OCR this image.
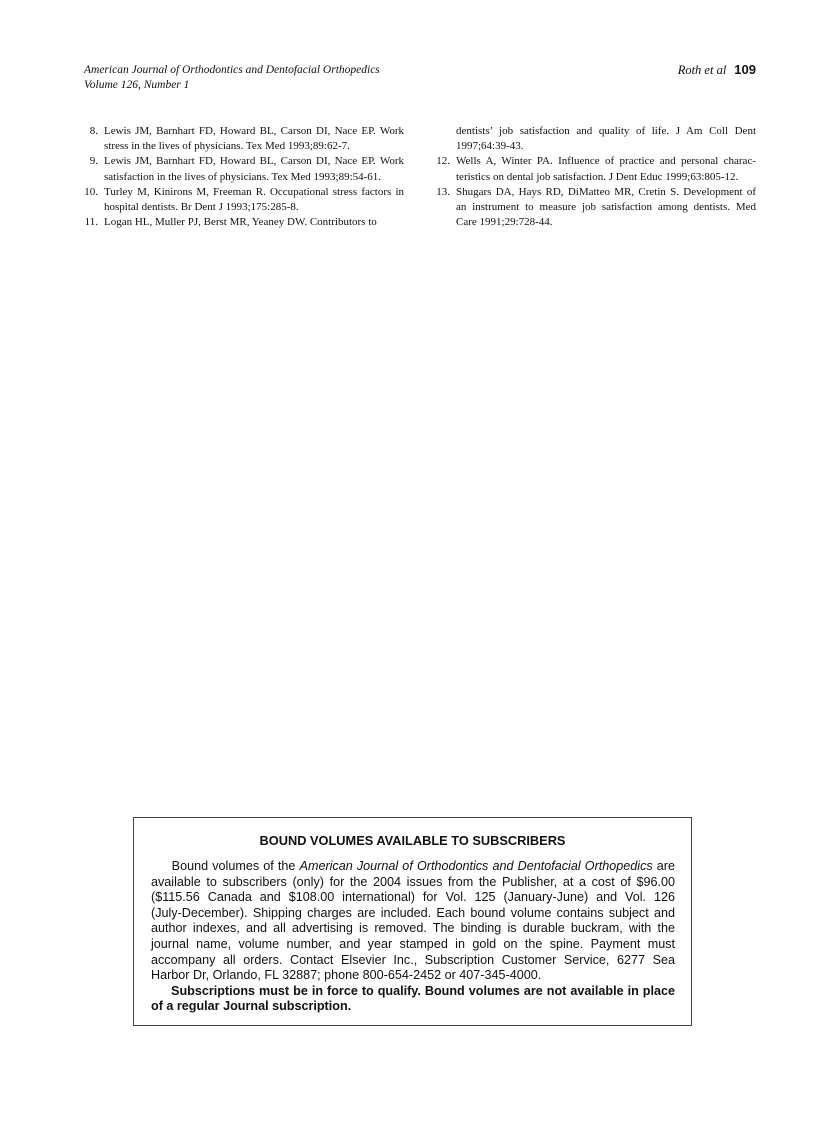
American Journal of Orthodontics and Dentofacial Orthopedics
Volume 126, Number 1
Roth et al 109
8. Lewis JM, Barnhart FD, Howard BL, Carson DI, Nace EP. Work
stress in the lives of physicians. Tex Med 1993;89:62-7.
9. Lewis JM, Barnhart FD, Howard BL, Carson DI, Nace EP. Work
satisfaction in the lives of physicians. Tex Med 1993;89:54-61.
10. Turley M, Kinirons M, Freeman R. Occupational stress factors in
hospital dentists. Br Dent J 1993;175:285-8.
11. Logan HL, Muller PJ, Berst MR, Yeaney DW. Contributors to
dentists’ job satisfaction and quality of life. J Am Coll Dent
1997;64:39-43.
12. Wells A, Winter PA. Influence of practice and personal charac-
teristics on dental job satisfaction. J Dent Educ 1999;63:805-12.
13. Shugars DA, Hays RD, DiMatteo MR, Cretin S. Development of
an instrument to measure job satisfaction among dentists. Med
Care 1991;29:728-44.
BOUND VOLUMES AVAILABLE TO SUBSCRIBERS
Bound volumes of the American Journal of Orthodontics and Dentofacial Orthopedics are
available to subscribers (only) for the 2004 issues from the Publisher, at a cost of $96.00
($115.56 Canada and $108.00 international) for Vol. 125 (January-June) and Vol. 126
(July-December). Shipping charges are included. Each bound volume contains subject and
author indexes, and all advertising is removed. The binding is durable buckram, with the
journal name, volume number, and year stamped in gold on the spine. Payment must
accompany all orders. Contact Elsevier Inc., Subscription Customer Service, 6277 Sea
Harbor Dr, Orlando, FL 32887; phone 800-654-2452 or 407-345-4000.
Subscriptions must be in force to qualify. Bound volumes are not available in place
of a regular Journal subscription.
